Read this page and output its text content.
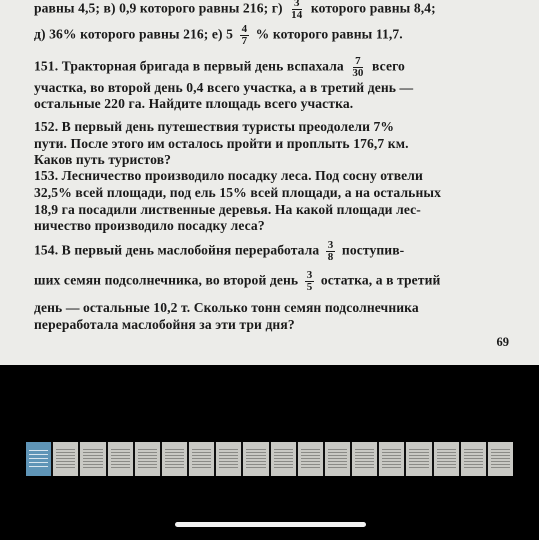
равны 4,5; в) 0,9 которого равны 216; $г) \frac{3}{14}$ которого равны 8,4;
д) 36% которого равны 216; е) $5 \frac{4}{7}$ % которого равны 11,7.
151. Тракторная бригада в первый день вспахала $\frac{7}{30}$ всего
участка, во второй день 0,4 всего участка, а в третий день —
остальные 220 га. Найдите площадь всего участка.
152. В первый день путешествия туристы преодолели 7%
пути. После этого им осталось пройти и проплыть 176,7 км.
Каков путь туристов?
153. Лесничество производило посадку леса. Под сосну отвели
32,5% всей площади, под ель 15% всей площади, а на остальных
18,9 га посадили лиственные деревья. На какой площади лес-
ничество производило посадку леса?
154. В первый день маслобойня переработала $\frac{3}{8}$ поступив-
ших семян подсолнечника, во второй день $\frac{3}{5}$ остатка, а в третий
день — остальные 10,2 т. Сколько тонн семян подсолнечника
переработала маслобойня за эти три дня?
69
